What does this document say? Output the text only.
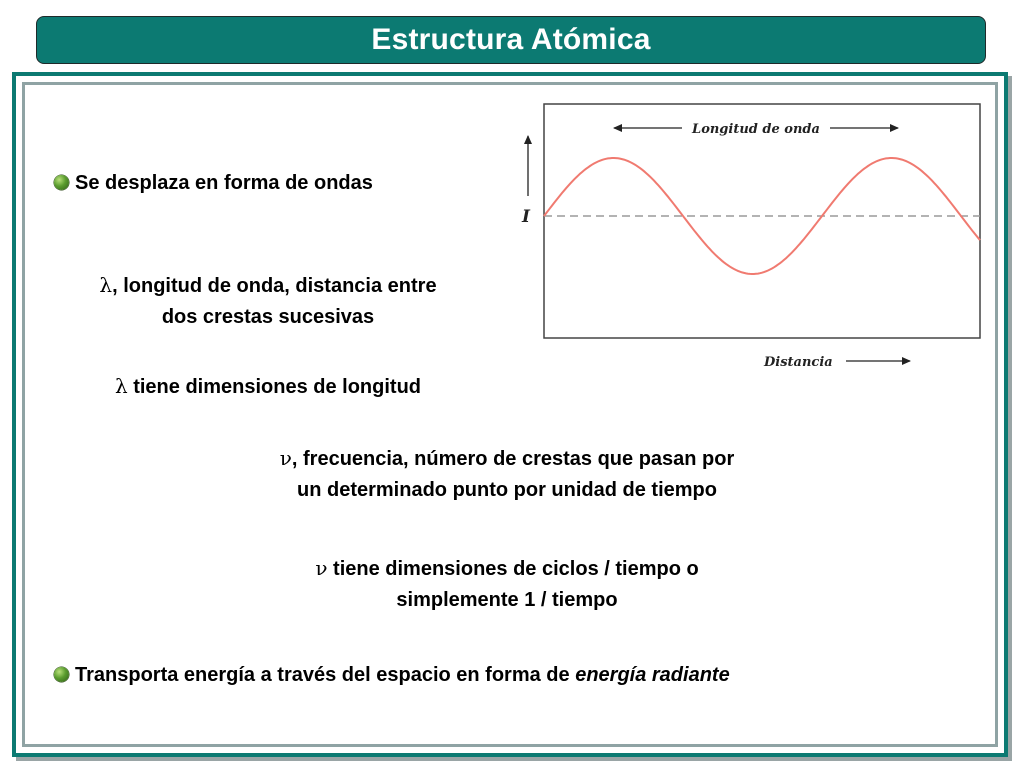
Estructura Atómica
Se desplaza en forma de ondas
λ, longitud de onda, distancia entre
dos crestas sucesivas
λ tiene dimensiones de longitud
ν, frecuencia, número de crestas que pasan por
un determinado punto por unidad de tiempo
ν tiene dimensiones de ciclos / tiempo o
simplemente 1 / tiempo
Transporta energía a través del espacio en forma de energía radiante
I
Longitud de onda
Distancia
